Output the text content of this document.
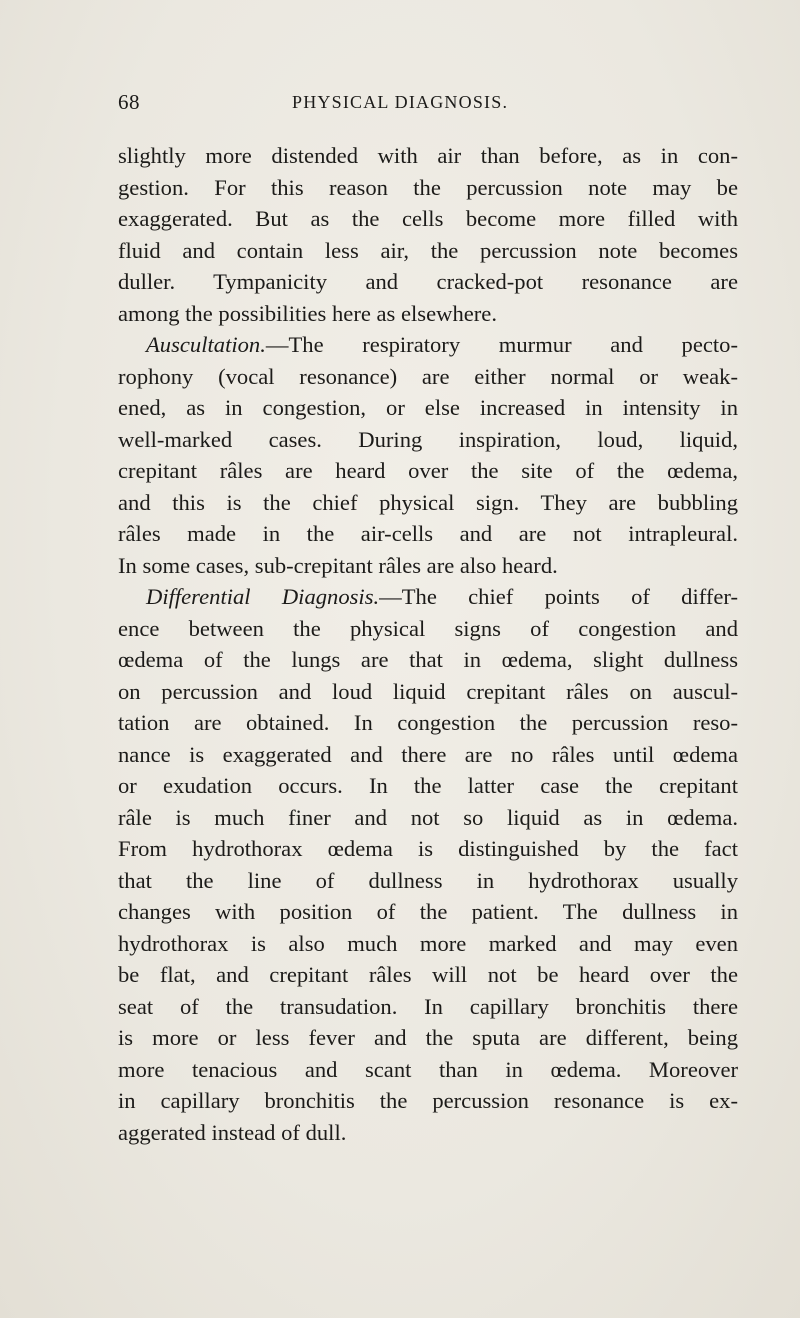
68	PHYSICAL DIAGNOSIS.
slightly more distended with air than before, as in con-
gestion. For this reason the percussion note may be
exaggerated. But as the cells become more filled with
fluid and contain less air, the percussion note becomes
duller. Tympanicity and cracked-pot resonance are
among the possibilities here as elsewhere.
Auscultation.—The respiratory murmur and pecto-
rophony (vocal resonance) are either normal or weak-
ened, as in congestion, or else increased in intensity in
well-marked cases. During inspiration, loud, liquid,
crepitant râles are heard over the site of the œdema,
and this is the chief physical sign. They are bubbling
râles made in the air-cells and are not intrapleural.
In some cases, sub-crepitant râles are also heard.
Differential Diagnosis.—The chief points of differ-
ence between the physical signs of congestion and
œdema of the lungs are that in œdema, slight dullness
on percussion and loud liquid crepitant râles on auscul-
tation are obtained. In congestion the percussion reso-
nance is exaggerated and there are no râles until œdema
or exudation occurs. In the latter case the crepitant
râle is much finer and not so liquid as in œdema.
From hydrothorax œdema is distinguished by the fact
that the line of dullness in hydrothorax usually
changes with position of the patient. The dullness in
hydrothorax is also much more marked and may even
be flat, and crepitant râles will not be heard over the
seat of the transudation. In capillary bronchitis there
is more or less fever and the sputa are different, being
more tenacious and scant than in œdema. Moreover
in capillary bronchitis the percussion resonance is ex-
aggerated instead of dull.
